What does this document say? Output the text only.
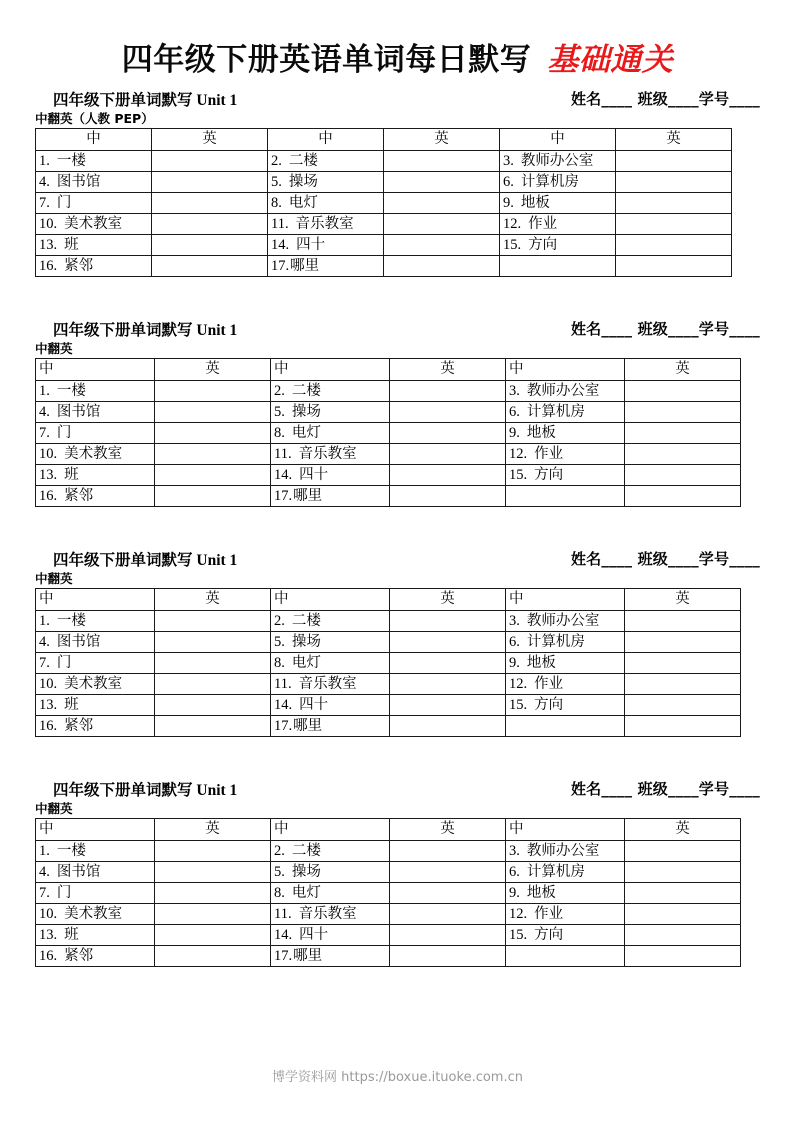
四年级下册英语单词每日默写 基础通关
四年级下册单词默写 Unit 1	姓名____ 班级____学号____
中翻英（人教 PEP）
中	英	中	英	中	英
1. 一楼		2. 二楼		3. 教师办公室	
4. 图书馆		5. 操场		6. 计算机房	
7. 门		8. 电灯		9. 地板	
10. 美术教室		11. 音乐教室		12. 作业	
13. 班		14. 四十		15. 方向	
16. 紧邻		17.哪里			
四年级下册单词默写 Unit 1	姓名____ 班级____学号____
中翻英
中	英	中	英	中	英
1. 一楼		2. 二楼		3. 教师办公室	
4. 图书馆		5. 操场		6. 计算机房	
7. 门		8. 电灯		9. 地板	
10. 美术教室		11. 音乐教室		12. 作业	
13. 班		14. 四十		15. 方向	
16. 紧邻		17.哪里			
四年级下册单词默写 Unit 1	姓名____ 班级____学号____
中翻英
中	英	中	英	中	英
1. 一楼		2. 二楼		3. 教师办公室	
4. 图书馆		5. 操场		6. 计算机房	
7. 门		8. 电灯		9. 地板	
10. 美术教室		11. 音乐教室		12. 作业	
13. 班		14. 四十		15. 方向	
16. 紧邻		17.哪里			
四年级下册单词默写 Unit 1	姓名____ 班级____学号____
中翻英
中	英	中	英	中	英
1. 一楼		2. 二楼		3. 教师办公室	
4. 图书馆		5. 操场		6. 计算机房	
7. 门		8. 电灯		9. 地板	
10. 美术教室		11. 音乐教室		12. 作业	
13. 班		14. 四十		15. 方向	
16. 紧邻		17.哪里			
博学资料网 https://boxue.ituoke.com.cn
